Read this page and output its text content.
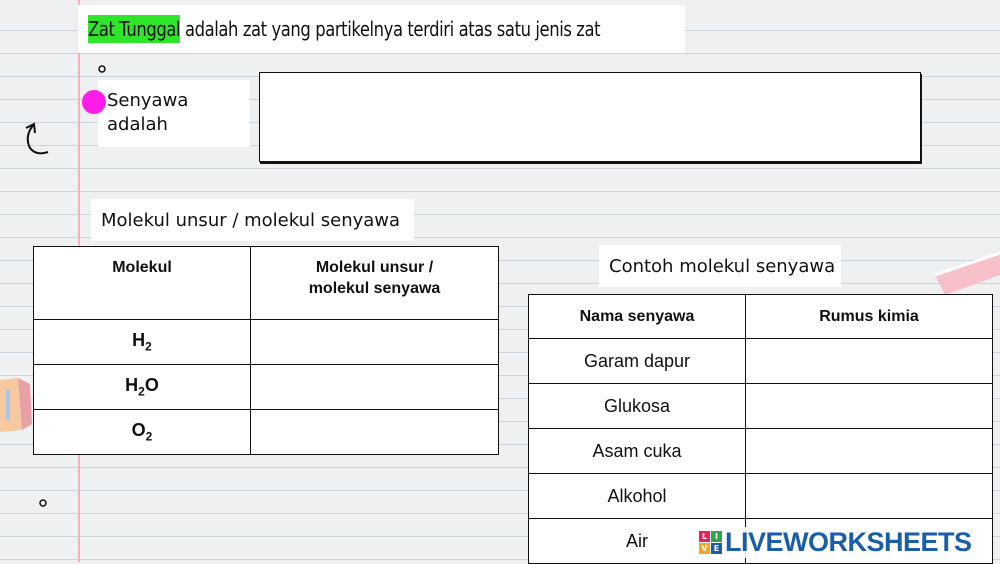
Zat Tunggal adalah zat yang partikelnya terdiri atas satu jenis zat
Senyawa
adalah
Molekul unsur / molekul senyawa
Molekul	Molekul unsur /
molekul senyawa

$H_2$	
$H_2O$	
$O_2$	
Contoh molekul senyawa
Nama senyawa	Rumus kimia
Garam dapur	
Glukosa	
Asam cuka	
Alkohol	
Air		L I
V E LIVEWORKSHEETS
